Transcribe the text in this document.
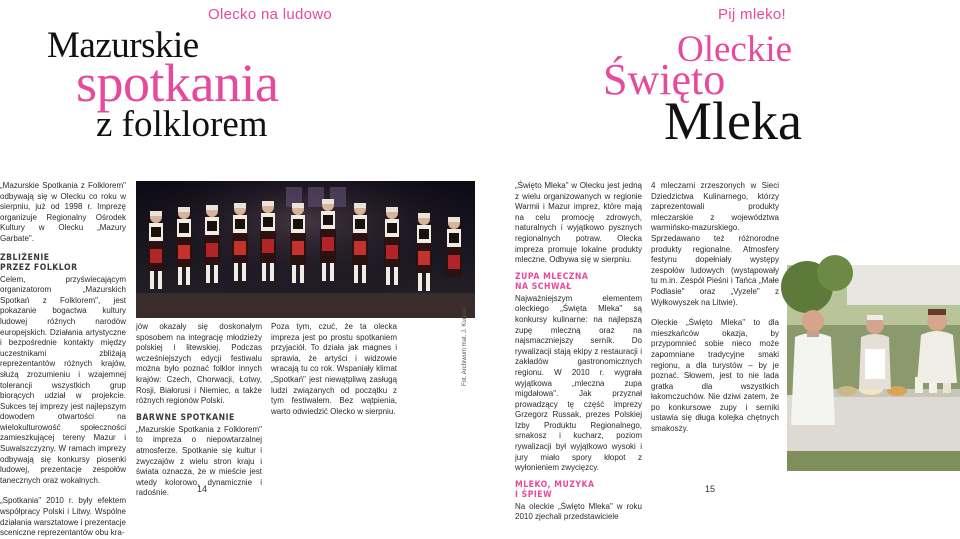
Olecko na ludowo
Mazurskie
spotkania
z folklorem

„Mazurskie Spotkania z Folklorem" odbywają się w Olecku co roku w sierpniu, już od 1998 r. Imprezę organizuje Regionalny Ośrodek Kultury w Olecku „Mazury Garbate".

ZBLIŻENIE
PRZEZ FOLKLOR

Celem, przyświecającym organizatorom „Mazurskich Spotkań z Folklorem", jest pokazanie bogactwa kultury ludowej różnych narodów europejskich. Działania artystyczne i bezpośrednie kontakty między uczestnikami zbliżają reprezentantów różnych krajów, służą zrozumieniu i wzajemnej tolerancji wszystkich grup biorących udział w projekcie. Sukces tej imprezy jest najlepszym dowodem otwartości na wielokulturowość społeczności zamieszkującej tereny Mazur i Suwalszczyzny. W ramach imprezy odbywają się konkursy piosenki ludowej, prezentacje zespołów tanecznych oraz wokalnych.

„Spotkania" 2010 r. były efektem współpracy Polski i Litwy. Wspólne działania warsztatowe i prezentacje sceniczne reprezentantów obu kra-

jów okazały się doskonałym sposobem na integrację młodzieży polskiej i litewskiej. Podczas wcześniejszych edycji festiwalu można było poznać folklor innych krajów: Czech, Chorwacji, Łotwy, Rosji, Białorusi i Niemiec, a także różnych regionów Polski.

BARWNE SPOTKANIE

„Mazurskie Spotkania z Folklorem" to impreza o niepowtarzalnej atmosferze. Spotkanie się kultur i zwyczajów z wielu stron kraju i świata oznacza, że w mieście jest wtedy kolorowo, dynamicznie i radośnie.

Poza tym, czuć, że ta olecka impreza jest po prostu spotkaniem przyjaciół. To działa jak magnes i sprawia, że artyści i widzowie wracają tu co rok. Wspaniały klimat „Spotkań" jest niewątpliwą zasługą ludzi związanych od początku z tym festiwalem. Bez wątpienia, warto odwiedzić Olecko w sierpniu.

Fot. Archiwum mat. J. Kunicki
14
Pij mleko!
Oleckie
Święto
Mleka

„Święto Mleka" w Olecku jest jedną z wielu organizowanych w regionie Warmii i Mazur imprez, które mają na celu promocję zdrowych, naturalnych i wyjątkowo pysznych regionalnych potraw. Olecka impreza promuje lokalne produkty mleczne. Odbywa się w sierpniu.

ZUPA MLECZNA
NA SCHWAŁ

Najważniejszym elementem oleckiego „Święta Mleka" są konkursy kulinarne: na najlepszą zupę mleczną oraz na najsmaczniejszy serník. Do rywalizacji stają ekipy z restauracji i zakładów gastronomicznych regionu. W 2010 r. wygrała wyjątkowa „mleczna zupa migdałowa". Jak przyznał prowadzący tę część imprezy Grzegorz Russak, prezes Polskiej Izby Produktu Regionalnego, smakosz i kucharz, poziom rywalizacji był wyjątkowo wysoki i jury miało spory kłopot z wyłonieniem zwycięzcy.

MLEKO, MUZYKA
I ŚPIEW

Na oleckie „Święto Mleka" w roku 2010 zjechali przedstawiciele

4 mleczarni zrzeszonych w Sieci Dziedzictwa Kulinarnego, którzy zaprezentowali produkty mleczarskie z województwa warmińsko-mazurskiego. Sprzedawano też różnorodne produkty regionalne. Atmosfery festynu dopełniały występy zespołów ludowych (wystąpowały tu m.in. Zespół Pieśni i Tańca „Małe Podlasie" oraz „Vyzele" z Wyłkowyszek na Litwie).

Oleckie „Święto Mleka" to dla mieszkańców okazja, by przypomnieć sobie nieco może zapomniane tradycyjne smaki regionu, a dla turystów – by je poznać. Słowem, jest to nie lada gratka dla wszystkich łakomczuchów. Nie dziwi zatem, że po konkursowe zupy i serniki ustawia się długa kolejka chętnych smakoszy.

15
